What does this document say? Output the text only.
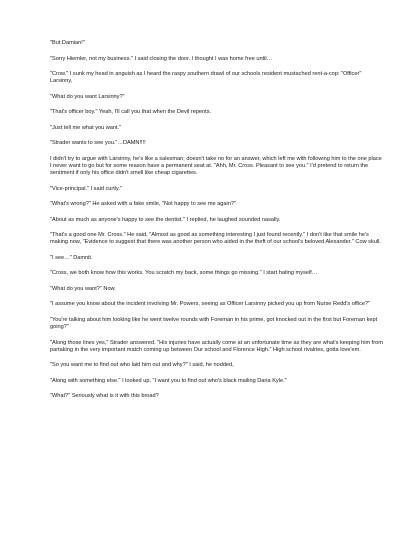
"But Damian!"

"Sorry Hiemler, not my business." I said closing the door. I thought I was home free until…

"Crow." I sunk my head in anguish as I heard the raspy southern drawl of our schools resident mustached rent-a-cop: "Officer" Larsinny,

"What do you want Larsinny?"

"That's officer boy." Yeah, I'll call you that when the Devil repents.

"Just tell me what you want."

"Strader wants to see you."…DAMN!!!!

I didn't try to argue with Larsinny, he's like a salesman; doesn't take no for an answer, which left me with following him to the one place I never want to go but for some reason have a permanent seat at. "Ahh, Mr. Cross. Pleasant to see you." I'd pretend to return the sentiment if only his office didn't smell like cheap cigarettes.

"Vice-principal." I said curtly."

"What's wrong?" He asked with a fake smile, "Not happy to see me again?"

"About as much as anyone's happy to see the dentist." I replied, he laughed sounded nasally.

"That's a good one Mr. Cross." He said, "Almost as good as something interesting I just found recently." I don't like that smile he's making now, "Evidence to suggest that there was another person who aided in the theft of our school's beloved Alexander." Cow skull.

"I see…" Damnit.

"Cross, we both know how this works. You scratch my back, some things go missing." I start hating myself…

"What do you want?" Now.

"I assume you know about the incident involving Mr. Powers, seeing as Officer Larsinny picked you up from Nurse Redd's office?"

"You're talking about him looking like he went twelve rounds with Foreman in his prime, got knocked out in the first but Foreman kept going?"

"Along those lines yes," Strader answered. "His injuries have actually come at an unfortunate time as they are what's keeping him from partaking in the very important match coming up between Our school and Florence High." High school rivalries, gotta love'em.

"So you want me to find out who laid him out and why?" I said, he nodded,

"Along with something else." I looked up, "I want you to find out who's black mailing Daria Kyle."

"What?" Seriously what is it with this broad?
